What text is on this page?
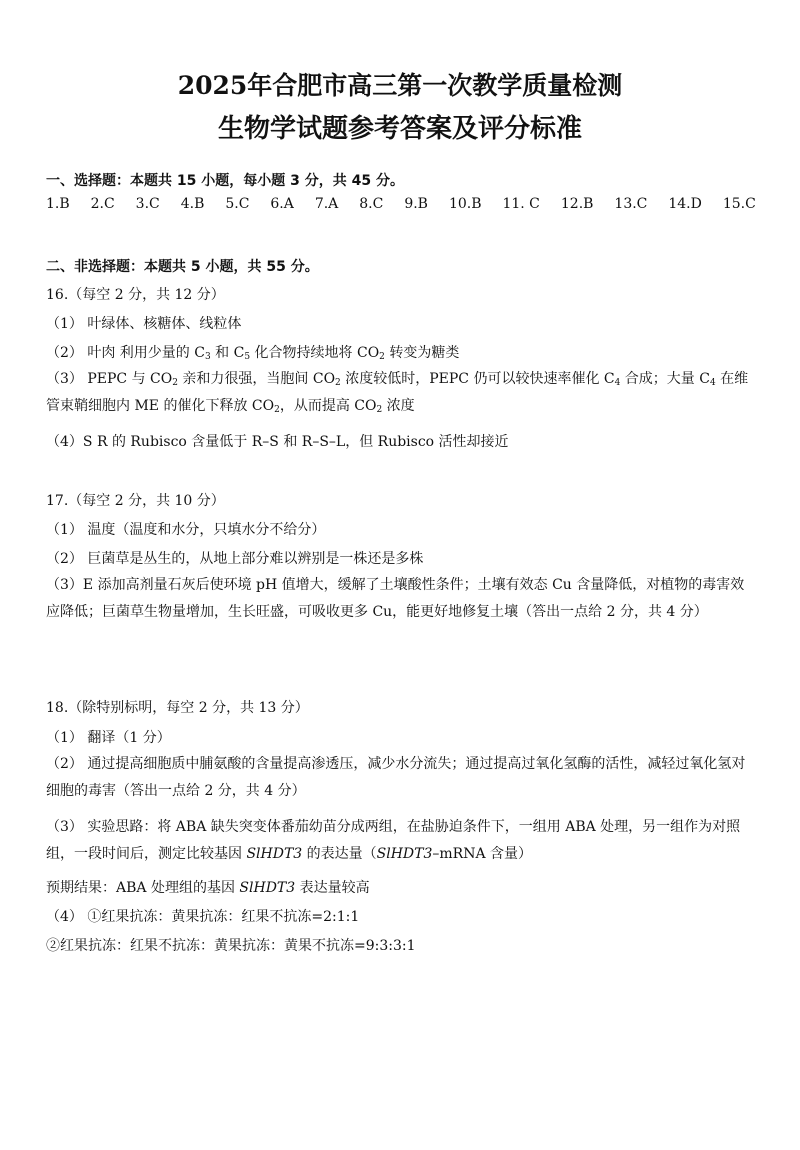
2025年合肥市高三第一次教学质量检测
生物学试题参考答案及评分标准
一、选择题：本题共 15 小题，每小题 3 分，共 45 分。
1.B 2.C 3.C 4.B 5.C 6.A 7.A 8.C 9.B 10.B 11. C 12.B 13.C 14.D 15.C
二、非选择题：本题共 5 小题，共 55 分。
16.（每空 2 分，共 12 分）
（1） 叶绿体、核糖体、线粒体
（2） 叶肉 利用少量的 $C_3$ 和 $C_5$ 化合物持续地将 $CO_2$ 转变为糖类
（3） PEPC 与 $CO_2$ 亲和力很强，当胞间 $CO_2$ 浓度较低时，PEPC 仍可以较快速率催化 $C_4$ 合成；大量 $C_4$ 在维管束鞘细胞内 ME 的催化下释放 $CO_2$，从而提高 $CO_2$ 浓度
（4）S R 的 Rubisco 含量低于 R–S 和 R–S–L，但 Rubisco 活性却接近
17.（每空 2 分，共 10 分）
（1） 温度（温度和水分，只填水分不给分）
（2） 巨菌草是丛生的，从地上部分难以辨别是一株还是多株
（3）E 添加高剂量石灰后使环境 pH 值增大，缓解了土壤酸性条件；土壤有效态 Cu 含量降低，对植物的毒害效应降低；巨菌草生物量增加，生长旺盛，可吸收更多 Cu，能更好地修复土壤（答出一点给 2 分，共 4 分）
18.（除特别标明，每空 2 分，共 13 分）
（1） 翻译（1 分）
（2） 通过提高细胞质中脯氨酸的含量提高渗透压，减少水分流失；通过提高过氧化氢酶的活性，减轻过氧化氢对细胞的毒害（答出一点给 2 分，共 4 分）
（3） 实验思路：将 ABA 缺失突变体番茄幼苗分成两组，在盐胁迫条件下，一组用 ABA 处理，另一组作为对照组，一段时间后，测定比较基因 SlHDT3 的表达量（SlHDT3–mRNA 含量）
预期结果：ABA 处理组的基因 SlHDT3 表达量较高
（4） ①红果抗冻：黄果抗冻：红果不抗冻=2:1:1
②红果抗冻：红果不抗冻：黄果抗冻：黄果不抗冻=9:3:3:1
